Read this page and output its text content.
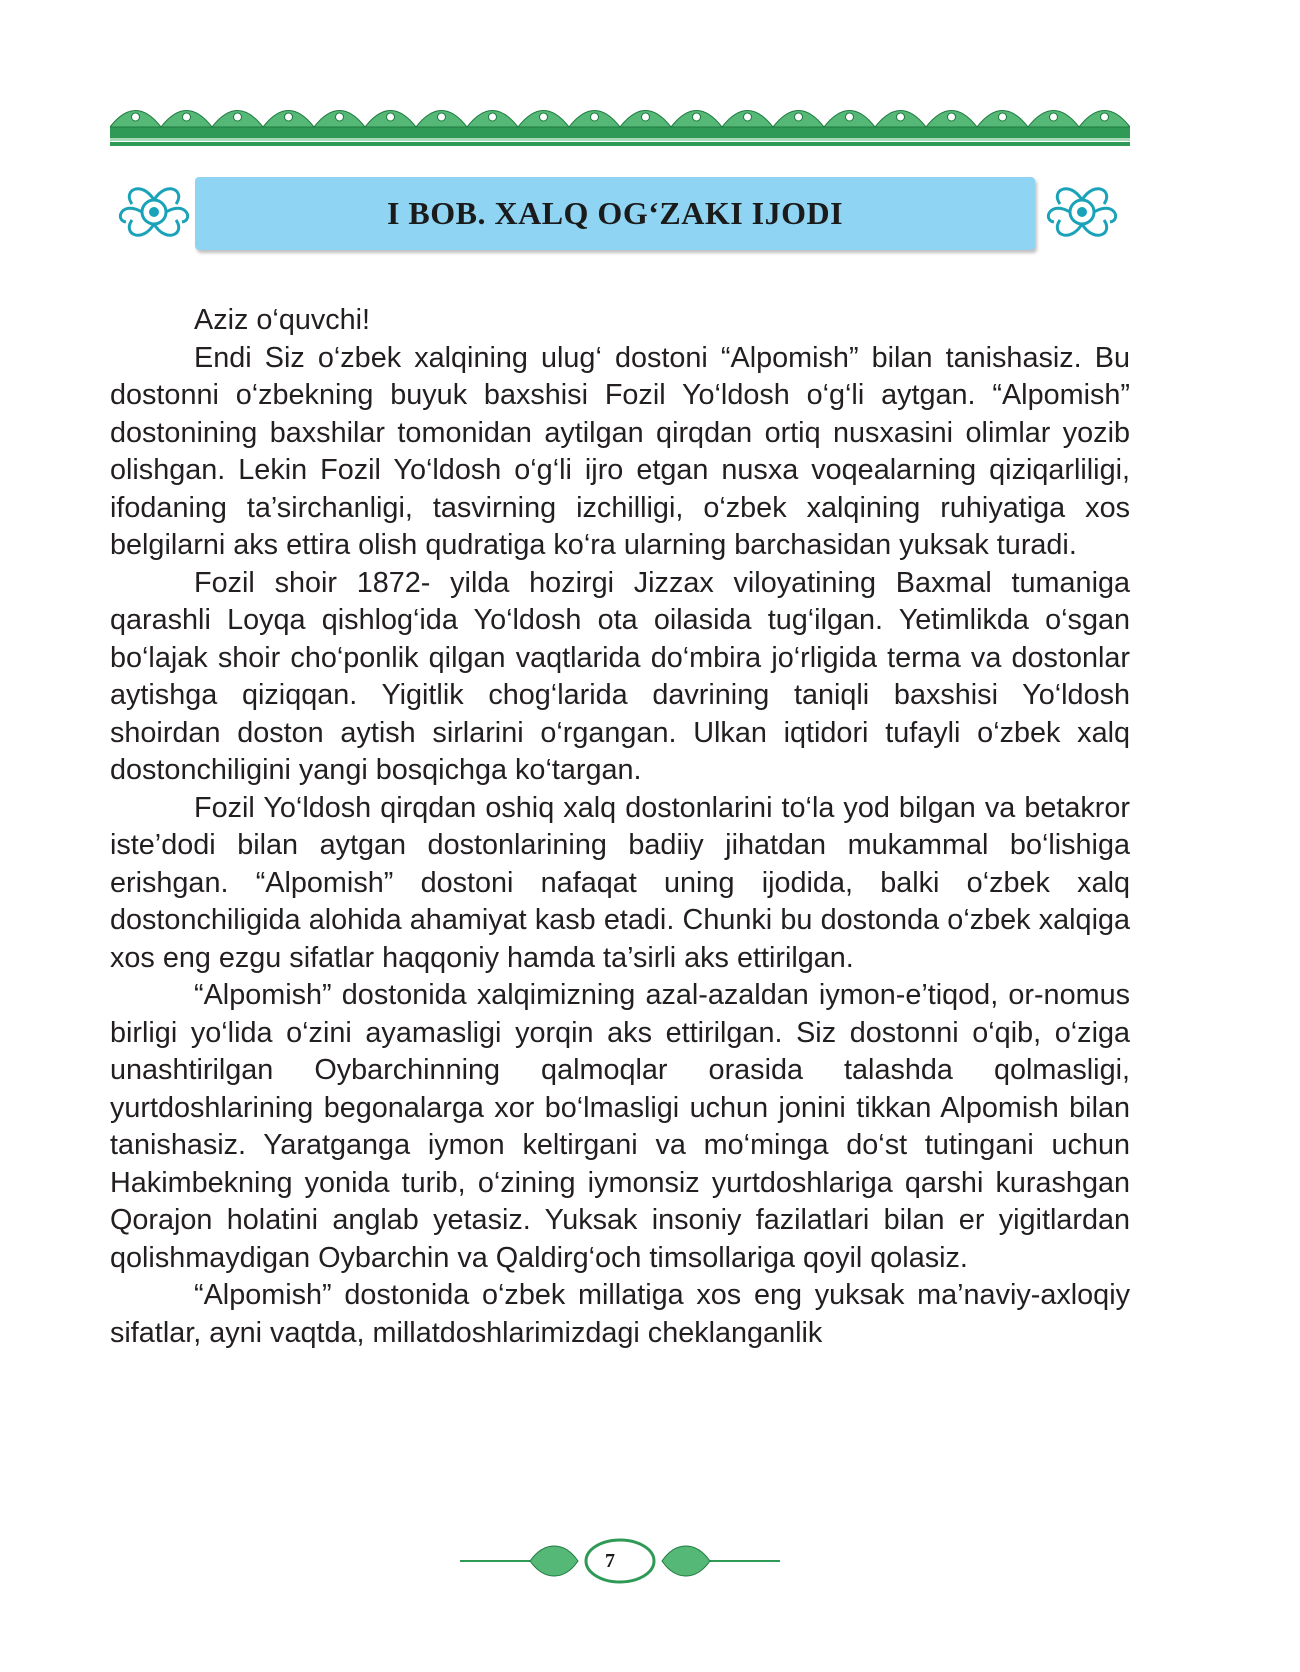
I BOB. XALQ OG‘ZAKI IJODI

Aziz o‘quvchi!

Endi Siz o‘zbek xalqining ulug‘ dostoni “Alpomish” bilan tanishasiz. Bu dostonni o‘zbekning buyuk baxshisi Fozil Yo‘ldosh o‘g‘li aytgan. “Alpomish” dostonining baxshilar tomonidan aytilgan qirqdan ortiq nusxasini olimlar yozib olishgan. Lekin Fozil Yo‘ldosh o‘g‘li ijro etgan nusxa voqealarning qiziqarliligi, ifodaning ta’sirchanligi, tasvirning izchilligi, o‘zbek xalqining ruhiyatiga xos belgilarni aks ettira olish qudratiga ko‘ra ularning barchasidan yuksak turadi.

Fozil shoir 1872- yilda hozirgi Jizzax viloyatining Baxmal tumaniga qarashli Loyqa qishlog‘ida Yo‘ldosh ota oilasida tug‘ilgan. Yetimlikda o‘sgan bo‘lajak shoir cho‘ponlik qilgan vaqtlarida do‘mbira jo‘rligida terma va dostonlar aytishga qiziqqan. Yigitlik chog‘larida davrining taniqli baxshisi Yo‘ldosh shoirdan doston aytish sirlarini o‘rgangan. Ulkan iqtidori tufayli o‘zbek xalq dostonchiligini yangi bosqichga ko‘targan.

Fozil Yo‘ldosh qirqdan oshiq xalq dostonlarini to‘la yod bilgan va betakror iste’dodi bilan aytgan dostonlarining badiiy jihatdan mukammal bo‘lishiga erishgan. “Alpomish” dostoni nafaqat uning ijodida, balki o‘zbek xalq dostonchiligida alohida ahamiyat kasb etadi. Chunki bu dostonda o‘zbek xalqiga xos eng ezgu sifatlar haqqoniy hamda ta’sirli aks ettirilgan.

“Alpomish” dostonida xalqimizning azal-azaldan iymon-e’tiqod, or-nomus birligi yo‘lida o‘zini ayamasligi yorqin aks ettirilgan. Siz dostonni o‘qib, o‘ziga unashtirilgan Oybarchinning qalmoqlar orasida talashda qolmasligi, yurtdoshlarining begonalarga xor bo‘lmasligi uchun jonini tikkan Alpomish bilan tanishasiz. Yaratganga iymon keltirgani va mo‘minga do‘st tutingani uchun Hakimbekning yonida turib, o‘zining iymonsiz yurtdoshlariga qarshi kurashgan Qorajon holatini anglab yetasiz. Yuksak insoniy fazilatlari bilan er yigitlardan qolishmaydigan Oybarchin va Qaldirg‘och timsollariga qoyil qolasiz.

“Alpomish” dostonida o‘zbek millatiga xos eng yuksak ma’naviy-axloqiy sifatlar, ayni vaqtda, millatdoshlarimizdagi cheklanganlik

7
